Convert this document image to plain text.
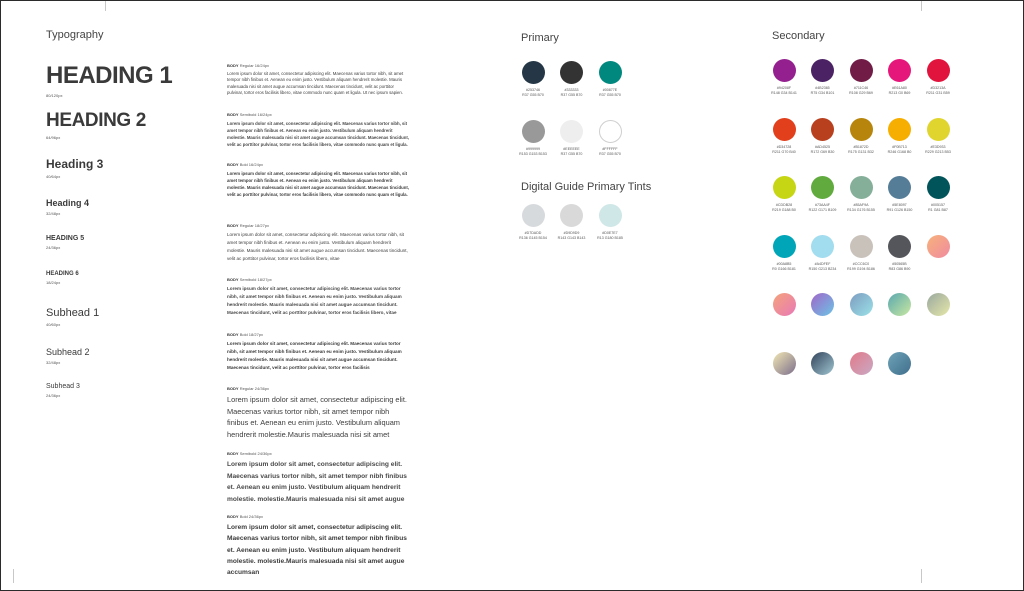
Typography
HEADING 1
80/120px
HEADING 2
64/96px
Heading 3
40/64px
Heading 4
32/48px
HEADING 5
24/36px
HEADING 6
18/24px
Subhead 1
40/60px
Subhead 2
32/48px
Subhead 3
24/36px
BODY Regular 16/24px
Lorem ipsum dolor sit amet, consectetur adipiscing elit. Maecenas varius tortor nibh, sit amet tempor nibh finibus et. Aenean eu enim justo. Vestibulum aliquam hendrerit molestie. Mauris malesuada nisi sit amet augue accumsan tincidunt. Maecenas tincidunt, velit ac porttitor pulvinar, tortor eros facilisis libero, vitae commodo nunc quam et ligula. Ut nec ipsum sapien.
BODY Semibold 16/24px
Lorem ipsum dolor sit amet, consectetur adipiscing elit. Maecenas varius tortor nibh, sit amet tempor nibh finibus et. Aenean eu enim justo. Vestibulum aliquam hendrerit molestie. Mauris malesuada nisi sit amet augue accumsan tincidunt. Maecenas tincidunt, velit ac porttitor pulvinar, tortor eros facilisis libero, vitae commodo nunc quam et ligula.
BODY Bold 16/24px
Lorem ipsum dolor sit amet, consectetur adipiscing elit. Maecenas varius tortor nibh, sit amet tempor nibh finibus et. Aenean eu enim justo. Vestibulum aliquam hendrerit molestie. Mauris malesuada nisi sit amet augue accumsan tincidunt. Maecenas tincidunt, velit ac porttitor pulvinar, tortor eros facilisis libero, vitae commodo nunc quam et ligula.
BODY Regular 18/27px
Lorem ipsum dolor sit amet, consectetur adipiscing elit. Maecenas varius tortor nibh, sit amet tempor nibh finibus et. Aenean eu enim justo. Vestibulum aliquam hendrerit molestie. Mauris malesuada nisi sit amet augue accumsan tincidunt. Maecenas tincidunt, velit ac porttitor pulvinar, tortor eros facilisis libero, vitae
BODY Semibold 18/27px
Lorem ipsum dolor sit amet, consectetur adipiscing elit. Maecenas varius tortor nibh, sit amet tempor nibh finibus et. Aenean eu enim justo. Vestibulum aliquam hendrerit molestie. Mauris malesuada nisi sit amet augue accumsan tincidunt. Maecenas tincidunt, velit ac porttitor pulvinar, tortor eros facilisis libero, vitae
BODY Bold 18/27px
Lorem ipsum dolor sit amet, consectetur adipiscing elit. Maecenas varius tortor nibh, sit amet tempor nibh finibus et. Aenean eu enim justo. Vestibulum aliquam hendrerit molestie. Mauris malesuada nisi sit amet augue accumsan tincidunt. Maecenas tincidunt, velit ac porttitor pulvinar, tortor eros facilisis
BODY Regular 24/36px
Lorem ipsum dolor sit amet, consectetur adipiscing elit. Maecenas varius tortor nibh, sit amet tempor nibh finibus et. Aenean eu enim justo. Vestibulum aliquam hendrerit molestie.Mauris malesuada nisi sit amet
BODY Semibold 24/36px
Lorem ipsum dolor sit amet, consectetur adipiscing elit. Maecenas varius tortor nibh, sit amet tempor nibh finibus et. Aenean eu enim justo. Vestibulum aliquam hendrerit molestie. molestie.Mauris malesuada nisi sit amet augue
BODY Bold 24/36px
Lorem ipsum dolor sit amet, consectetur adipiscing elit. Maecenas varius tortor nibh, sit amet tempor nibh finibus et. Aenean eu enim justo. Vestibulum aliquam hendrerit molestie. molestie.Mauris malesuada nisi sit amet augue accumsan
Primary
#253746
R37 G55 B70
#333333
R37 G55 B70
#00877E
R37 G55 B70
#999999
R153 G153 B153
#EEEEEE
R37 G55 B70
#FFFFFF
R37 G55 B70
Digital Guide Primary Tints
#D7DADD
R136 G145 B154
#D9D9D9
R143 G143 B143
#D0E7E7
R13 G180 B185
Secondary
#94208F
R148 G34 B141
#4B2365
R75 G34 B101
#711C46
R108 G29 B69
#E61A80
R213 G0 B69
#D3213A
R211 G31 B59
#D34728
R211 G70 B40
#AD4525
R172 G69 B30
#B1872D
R175 G131 B32
#F0B713
R246 G168 B0
#E3D933
R229 G213 B53
#CDDB28
R219 G188 B0
#73AA4F
R122 G171 B109
#85AF9A
R134 G176 B155
#5E8097
R91 G126 B150
#005157
R1 G81 B87
#00A8B5
R0 G166 B181
#A4DFEF
R150 G213 B234
#CCC6C0
R199 G194 B186
#50565B
R83 G86 B90
